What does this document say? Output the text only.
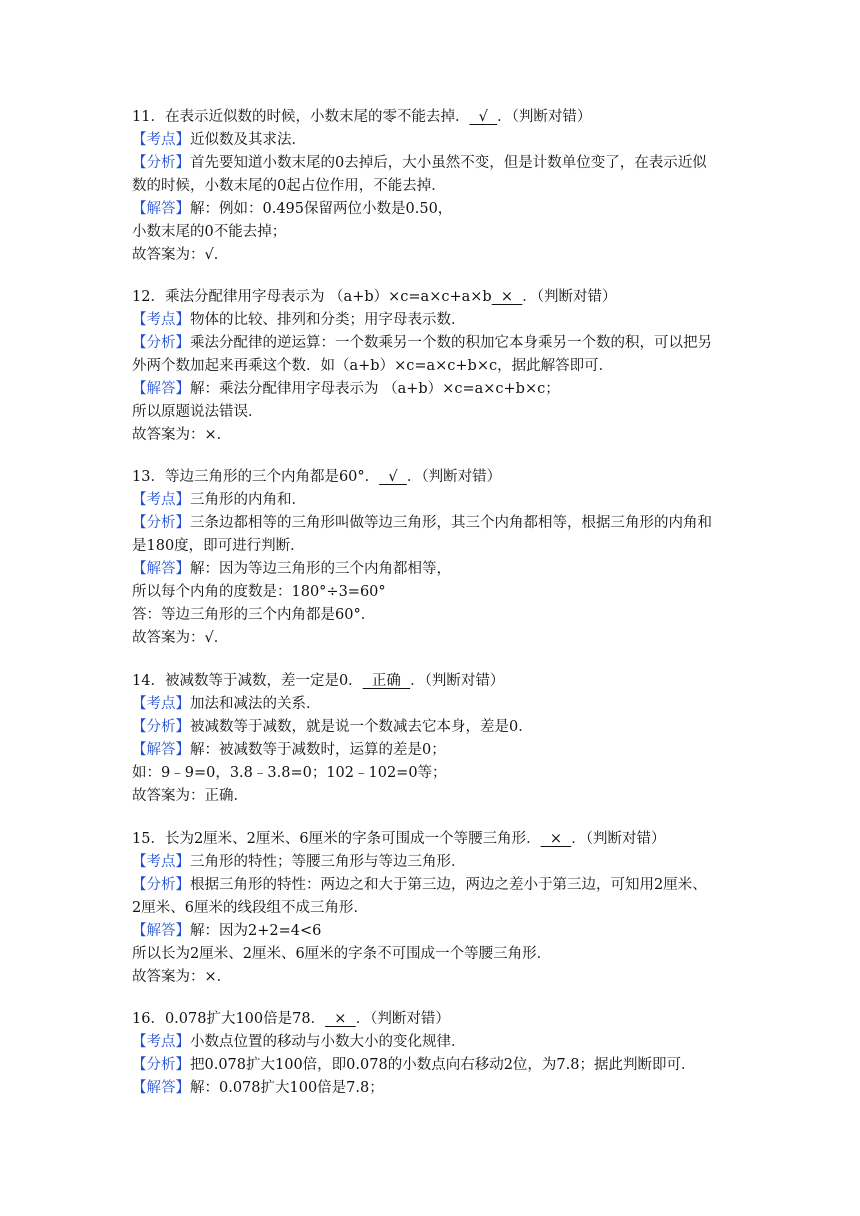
11．在表示近似数的时候，小数末尾的零不能去掉．  √  ．（判断对错）
【考点】近似数及其求法．
【分析】首先要知道小数末尾的0去掉后，大小虽然不变，但是计数单位变了，在表示近似
数的时候，小数末尾的0起占位作用，不能去掉．
【解答】解：例如：0.495保留两位小数是0.50，
小数末尾的0不能去掉；
故答案为：√．
12．乘法分配律用字母表示为 （a+b）×c=a×c+a×b  ×  ．（判断对错）
【考点】物体的比较、排列和分类；用字母表示数．
【分析】乘法分配律的逆运算：一个数乘另一个数的积加它本身乘另一个数的积，可以把另
外两个数加起来再乘这个数．如（a+b）×c=a×c+b×c，据此解答即可．
【解答】解：乘法分配律用字母表示为 （a+b）×c=a×c+b×c；
所以原题说法错误．
故答案为：×．
13．等边三角形的三个内角都是60°．  √  ．（判断对错）
【考点】三角形的内角和．
【分析】三条边都相等的三角形叫做等边三角形，其三个内角都相等，根据三角形的内角和
是180度，即可进行判断．
【解答】解：因为等边三角形的三个内角都相等，
所以每个内角的度数是：180°÷3=60°
答：等边三角形的三个内角都是60°．
故答案为：√．
14．被减数等于减数，差一定是0．  正确  ．（判断对错）
【考点】加法和减法的关系．
【分析】被减数等于减数，就是说一个数减去它本身，差是0．
【解答】解：被减数等于减数时，运算的差是0；
如：9﹣9=0，3.8﹣3.8=0；102﹣102=0等；
故答案为：正确．
15．长为2厘米、2厘米、6厘米的字条可围成一个等腰三角形．  ×  ．（判断对错）
【考点】三角形的特性；等腰三角形与等边三角形．
【分析】根据三角形的特性：两边之和大于第三边，两边之差小于第三边，可知用2厘米、
2厘米、6厘米的线段组不成三角形．
【解答】解：因为2+2=4<6
所以长为2厘米、2厘米、6厘米的字条不可围成一个等腰三角形．
故答案为：×．
16．0.078扩大100倍是78．  ×  ．（判断对错）
【考点】小数点位置的移动与小数大小的变化规律．
【分析】把0.078扩大100倍，即0.078的小数点向右移动2位，为7.8；据此判断即可．
【解答】解：0.078扩大100倍是7.8；
